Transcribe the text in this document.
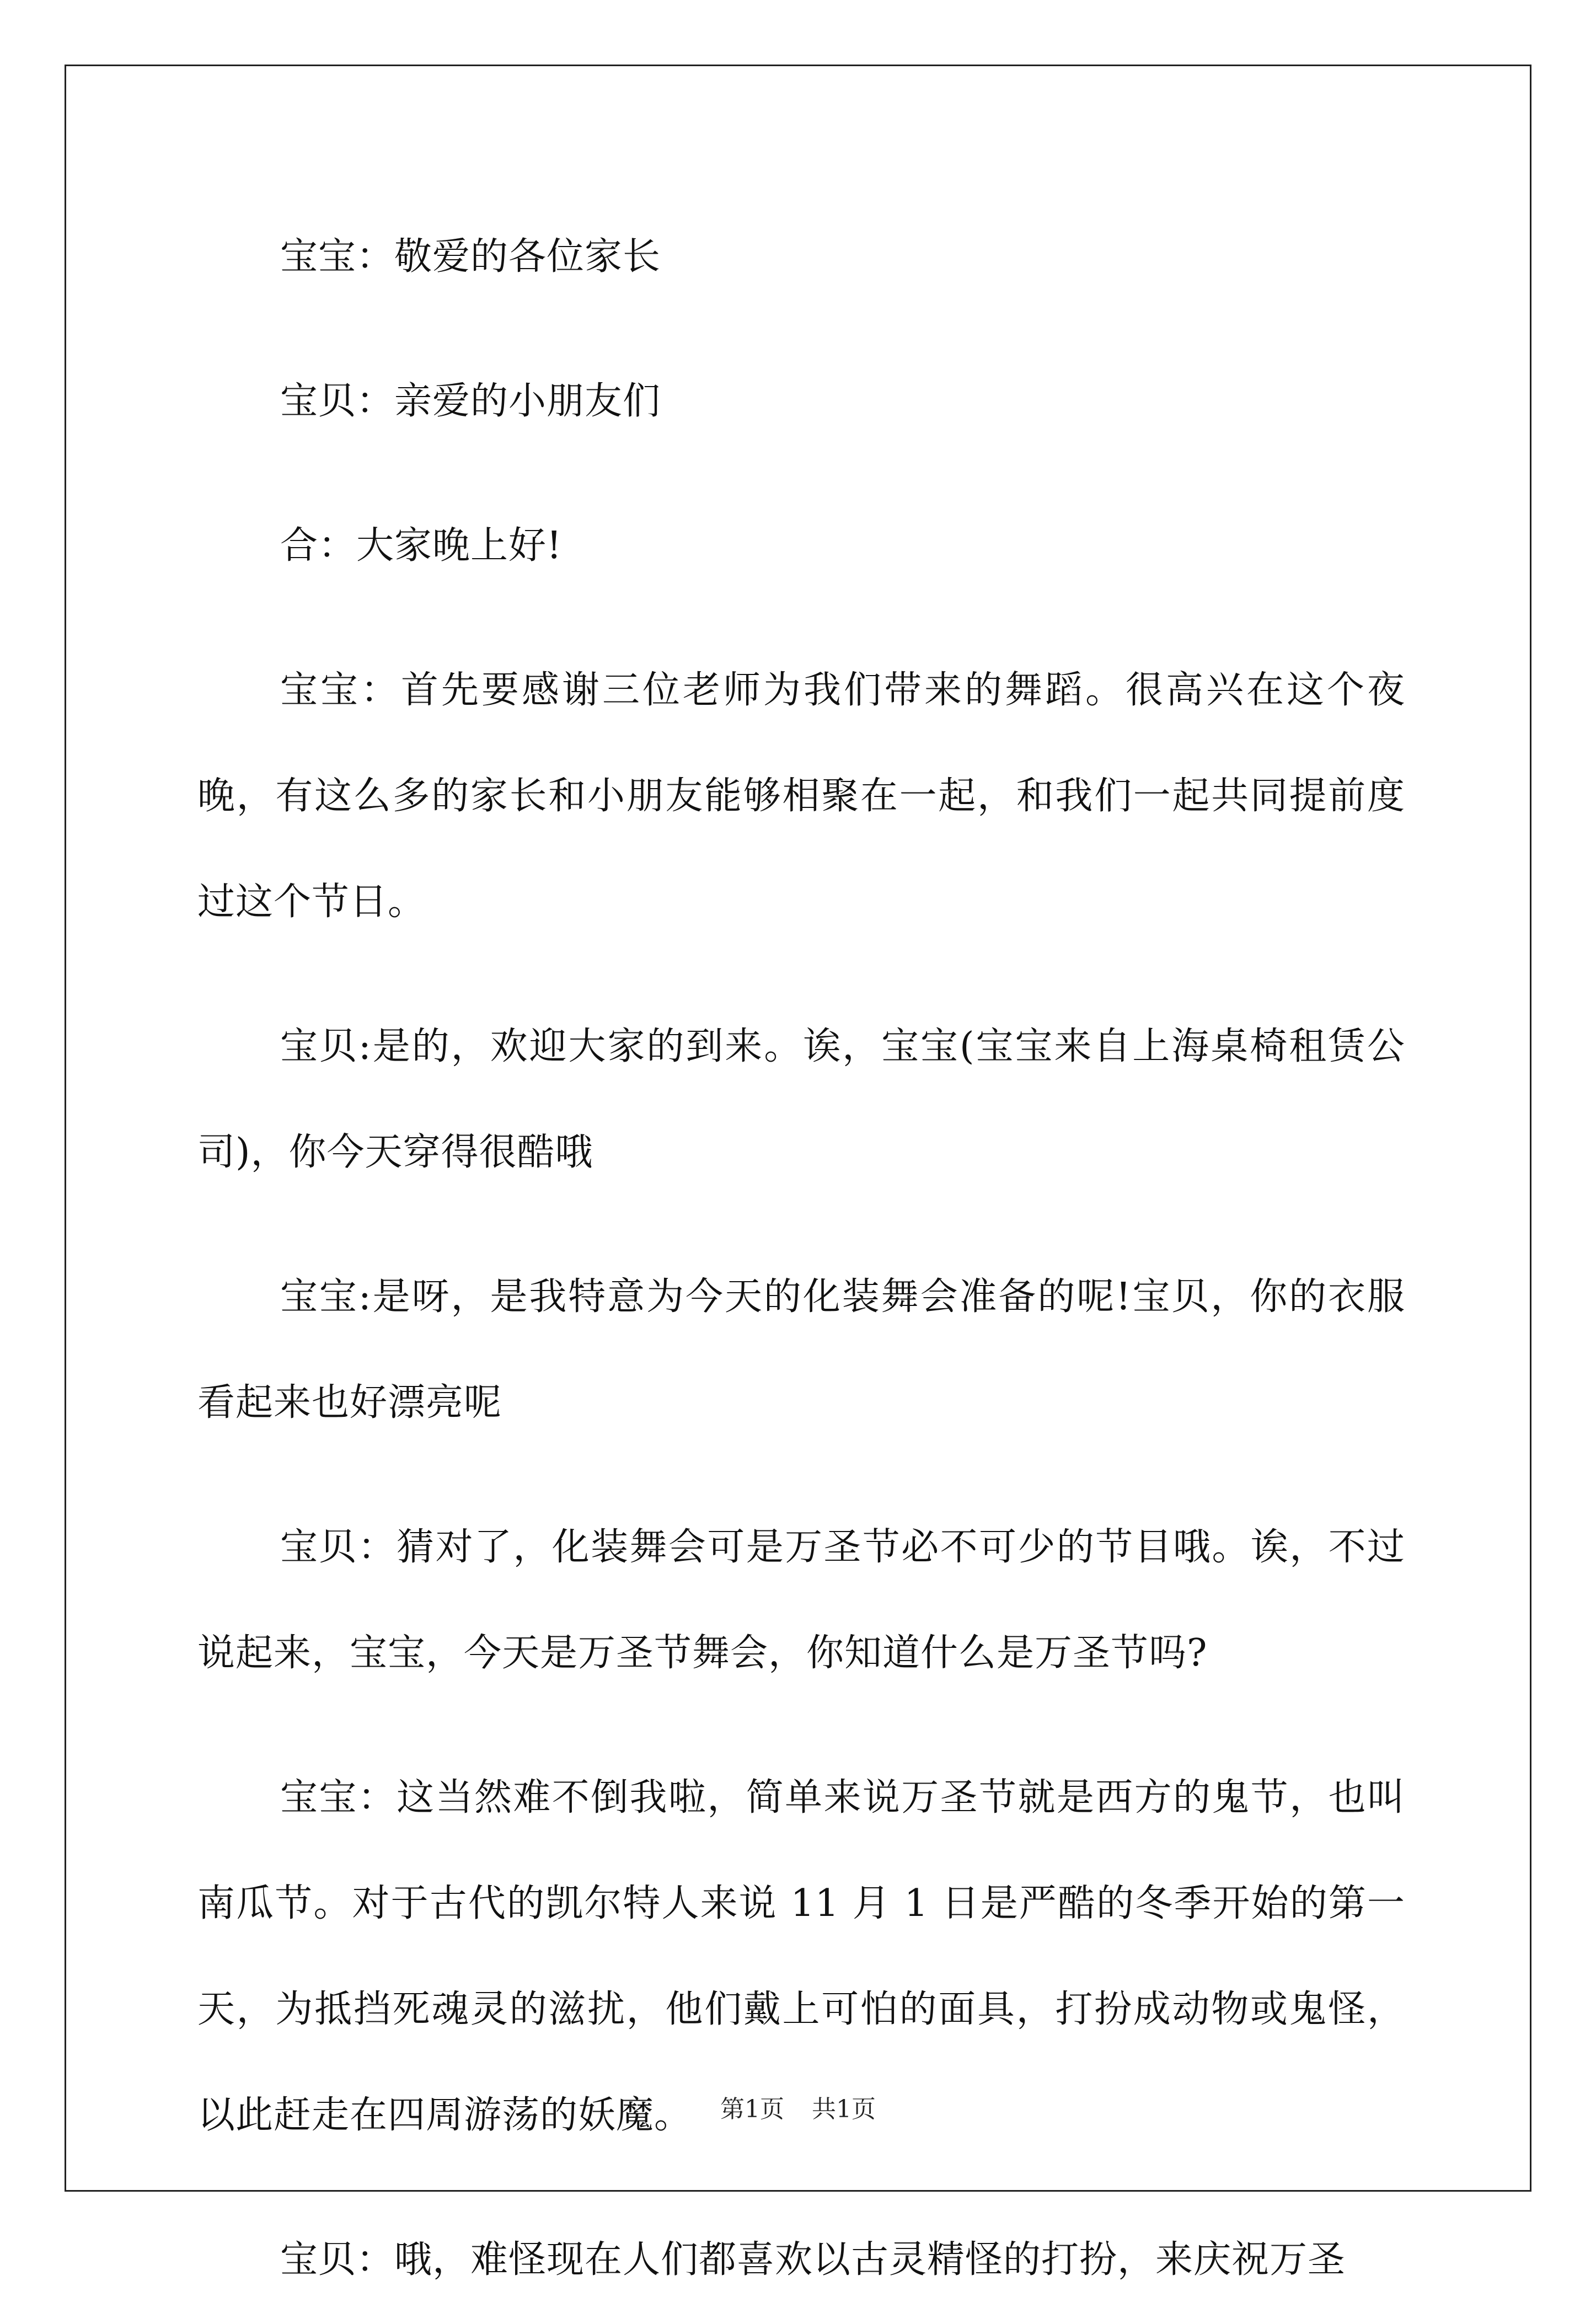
宝宝：敬爱的各位家长

宝贝：亲爱的小朋友们

合：大家晚上好!

宝宝：首先要感谢三位老师为我们带来的舞蹈。很高兴在这个夜晚，有这么多的家长和小朋友能够相聚在一起，和我们一起共同提前度过这个节日。

宝贝:是的，欢迎大家的到来。诶，宝宝(宝宝来自上海桌椅租赁公司)，你今天穿得很酷哦

宝宝:是呀，是我特意为今天的化装舞会准备的呢!宝贝，你的衣服看起来也好漂亮呢

宝贝：猜对了，化装舞会可是万圣节必不可少的节目哦。诶，不过说起来，宝宝，今天是万圣节舞会，你知道什么是万圣节吗?

宝宝：这当然难不倒我啦，简单来说万圣节就是西方的鬼节，也叫南瓜节。对于古代的凯尔特人来说 11 月 1 日是严酷的冬季开始的第一天，为抵挡死魂灵的滋扰，他们戴上可怕的面具，打扮成动物或鬼怪，以此赶走在四周游荡的妖魔。

宝贝：哦，难怪现在人们都喜欢以古灵精怪的打扮，来庆祝万圣

第1页 共1页
